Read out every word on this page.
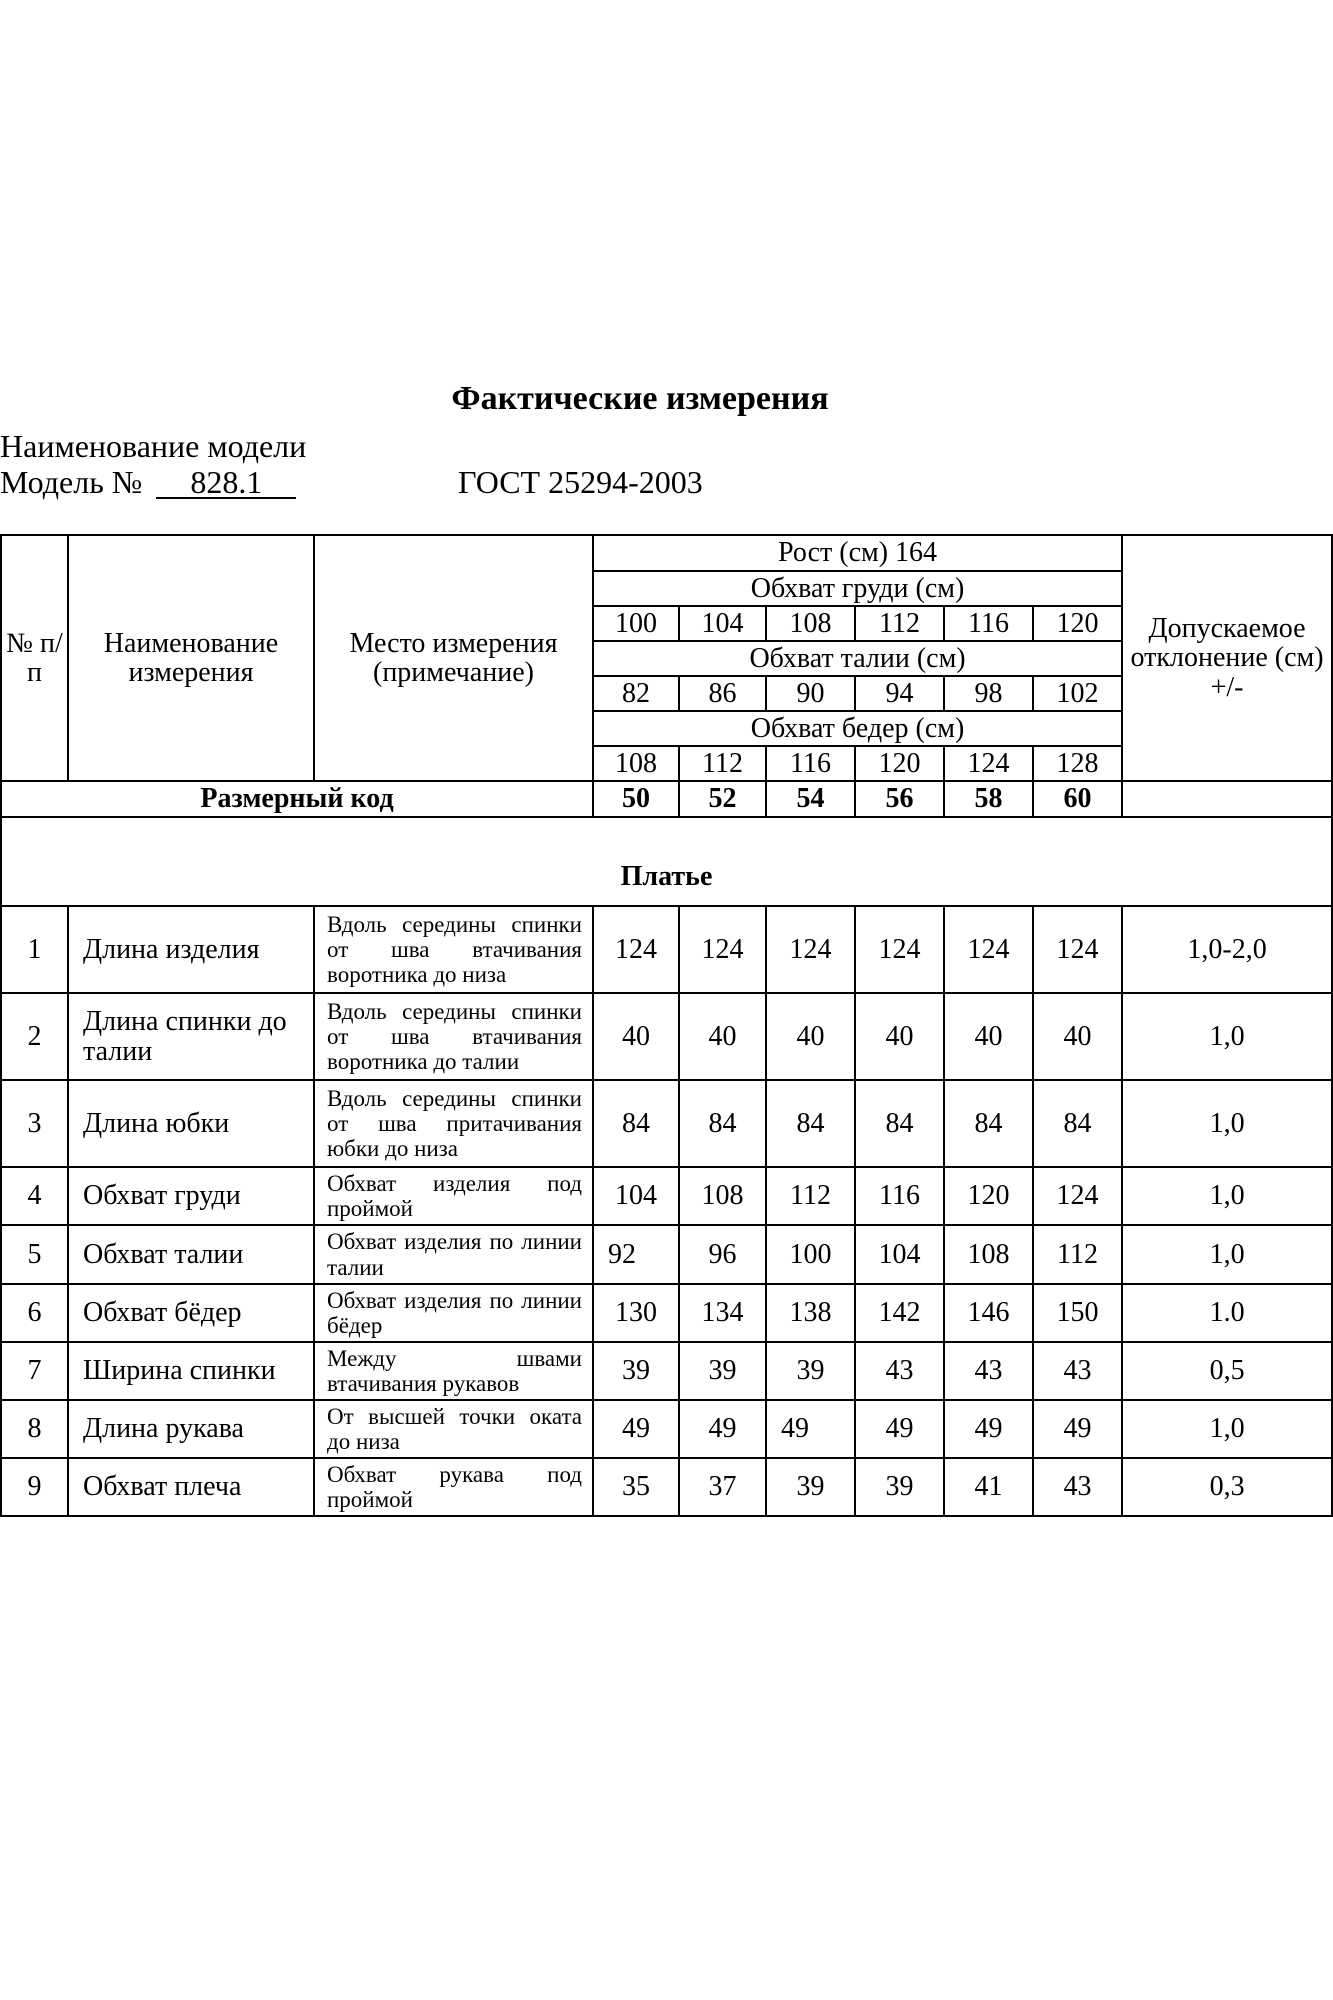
Фактические измерения
Наименование модели
Модель № 828.1	ГОСТ 25294-2003
№ п/п	Наименование измерения	Место измерения (примечание)	Рост (см) 164						Допускаемое отклонение (см) +/-
			Обхват груди (см)						
			100	104	108	112	116	120	
			Обхват талии (см)						
			82	86	90	94	98	102	
			Обхват бедер (см)						
			108	112	116	120	124	128	
Размерный код			50	52	54	56	58	60	
Платье									
1	Длина изделия	Вдоль середины спинки от шва втачивания воротника до низа	124	124	124	124	124	124	1,0-2,0
2	Длина спинки до талии	Вдоль середины спинки от шва втачивания воротника до талии	40	40	40	40	40	40	1,0
3	Длина юбки	Вдоль середины спинки от шва притачивания юбки до низа	84	84	84	84	84	84	1,0
4	Обхват груди	Обхват изделия под проймой	104	108	112	116	120	124	1,0
5	Обхват талии	Обхват изделия по линии талии	92	96	100	104	108	112	1,0
6	Обхват бёдер	Обхват изделия по линии бёдер	130	134	138	142	146	150	1.0
7	Ширина спинки	Между швами втачивания рукавов	39	39	39	43	43	43	0,5
8	Длина рукава	От высшей точки оката до низа	49	49	49	49	49	49	1,0
9	Обхват плеча	Обхват рукава под проймой	35	37	39	39	41	43	0,3
